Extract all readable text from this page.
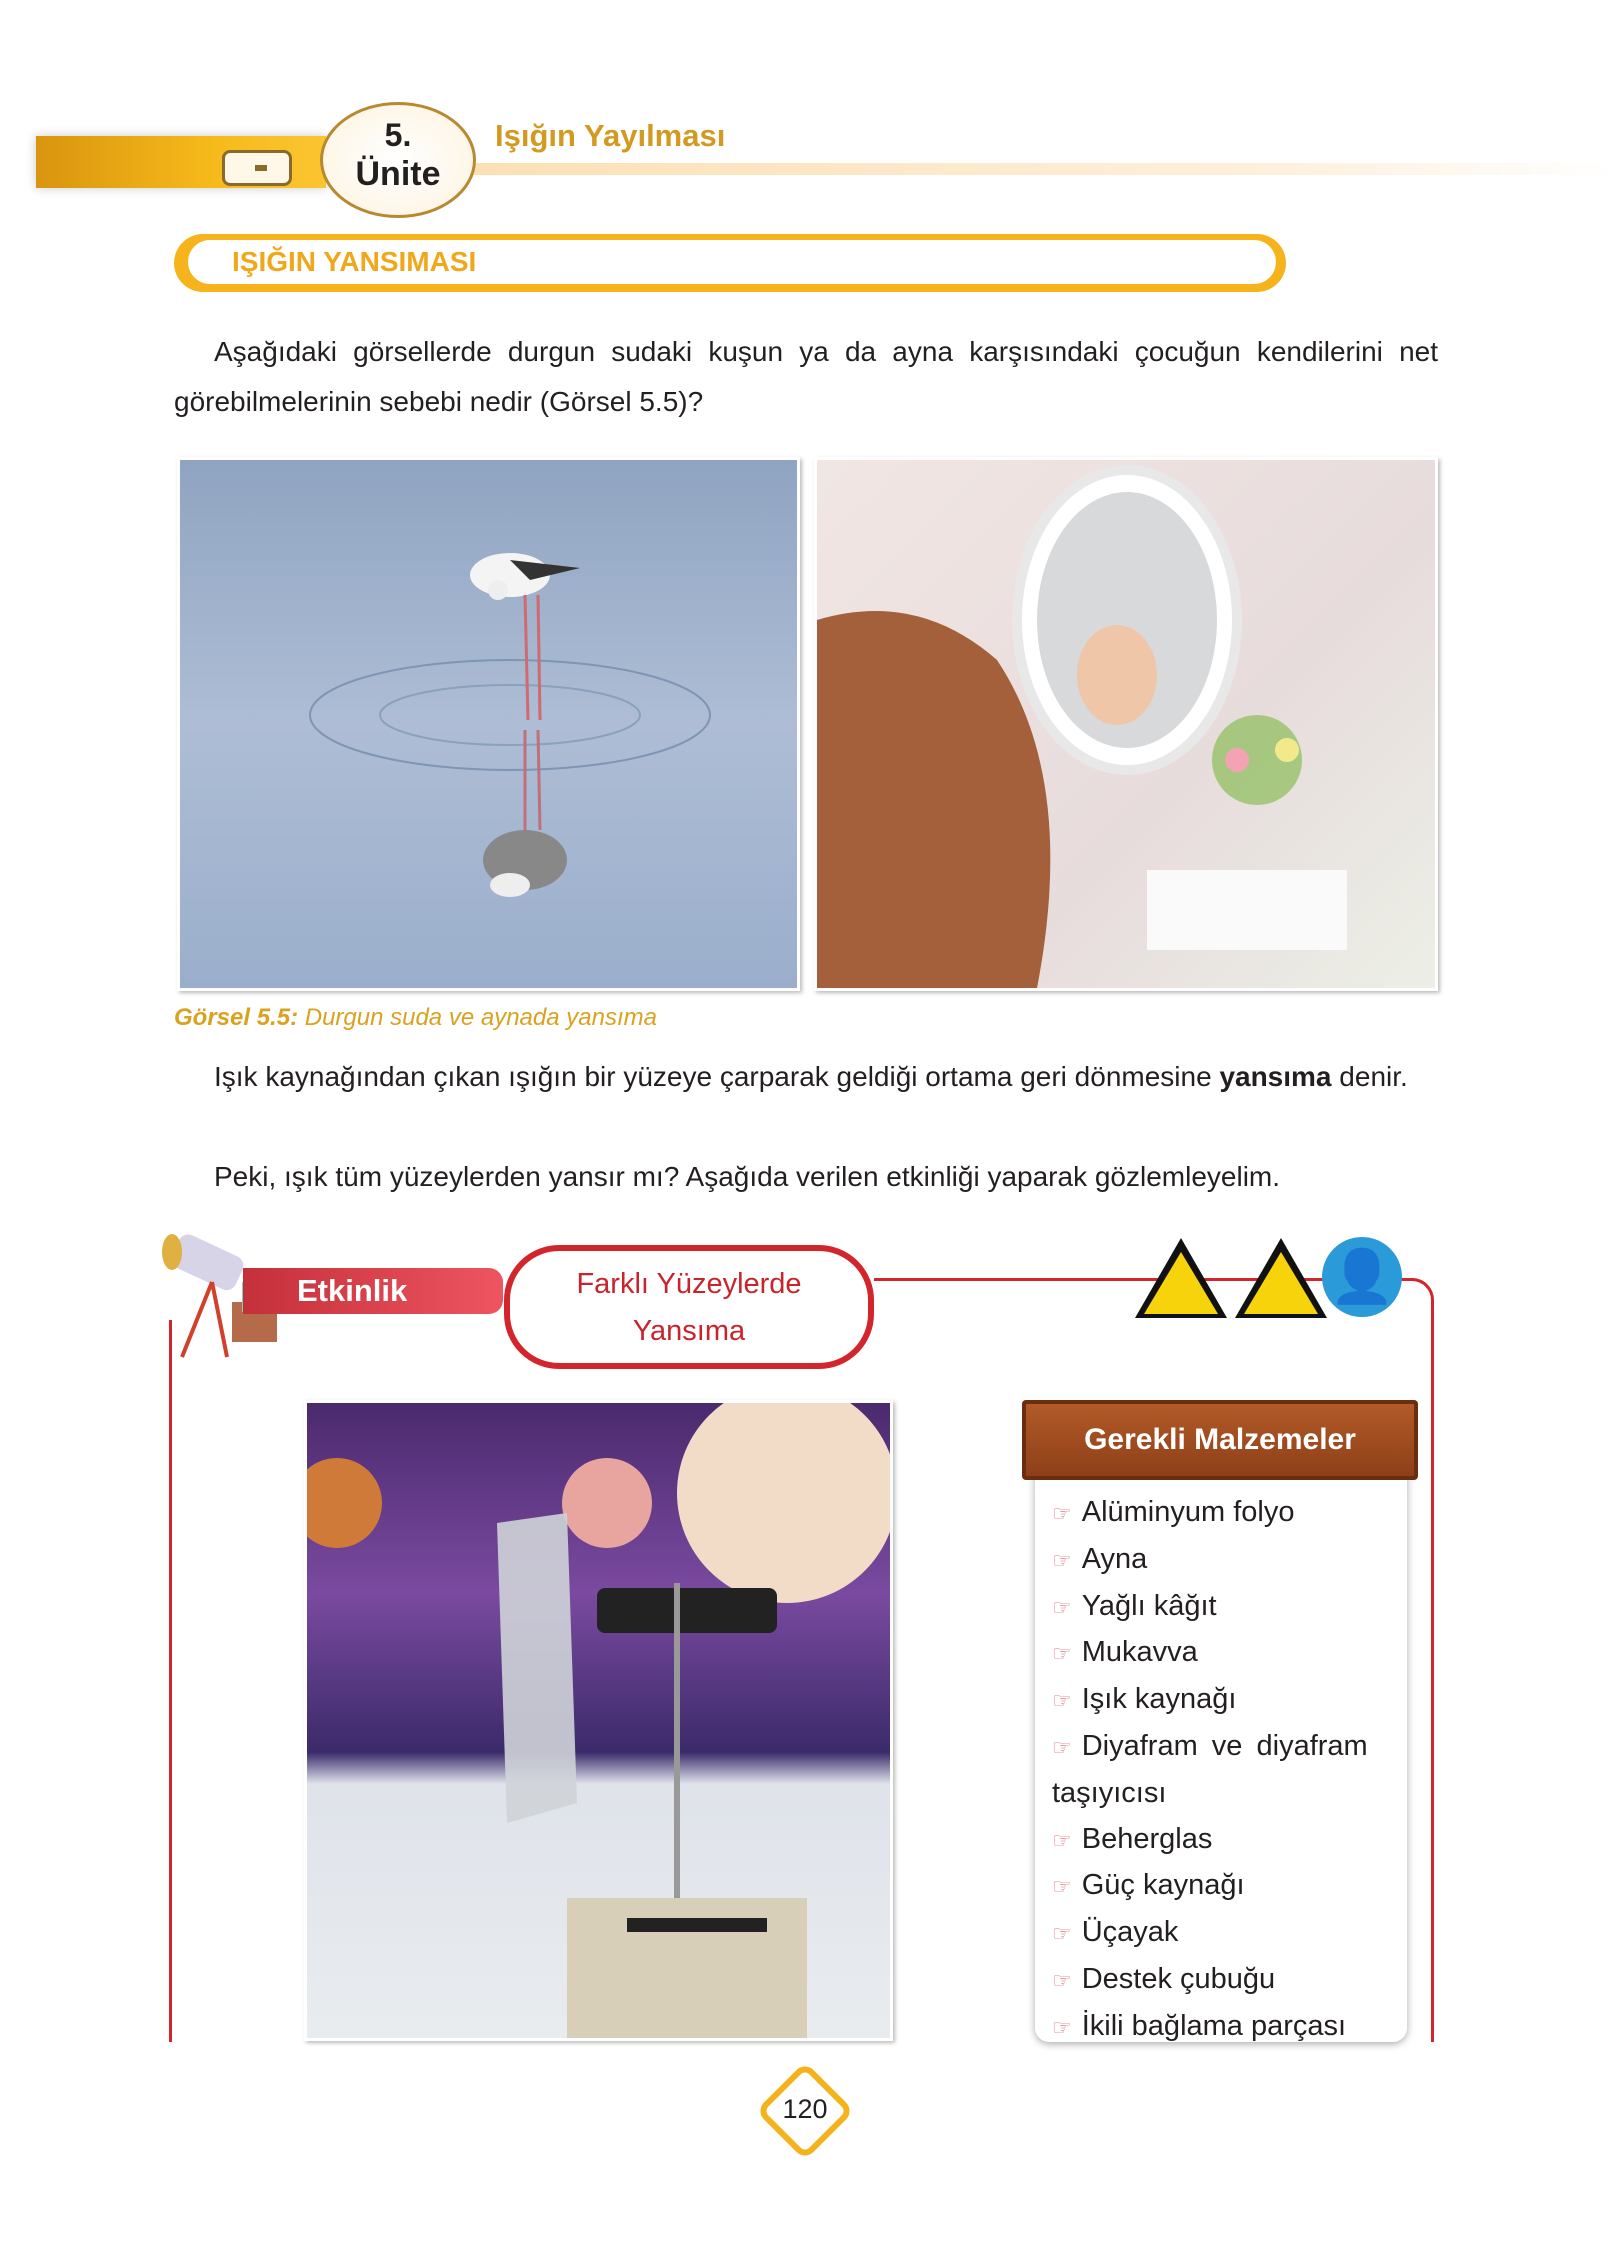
5.
Ünite
Işığın Yayılması
IŞIĞIN YANSIMASI
Aşağıdaki görsellerde durgun sudaki kuşun ya da ayna karşısındaki çocuğun kendilerini net görebilmelerinin sebebi nedir (Görsel 5.5)?
Görsel 5.5: Durgun suda ve aynada yansıma
Işık kaynağından çıkan ışığın bir yüzeye çarparak geldiği ortama geri dönmesine yansıma denir.
Peki, ışık tüm yüzeylerden yansır mı? Aşağıda verilen etkinliği yaparak gözlemleyelim.
Etkinlik	Farklı Yüzeylerde
Yansıma
👤
Gerekli Malzemeler
☞ Alüminyum folyo
☞ Ayna
☞ Yağlı kâğıt
☞ Mukavva
☞ Işık kaynağı
☞ Diyafram ve diyafram taşıyıcısı
☞ Beherglas
☞ Güç kaynağı
☞ Üçayak
☞ Destek çubuğu
☞ İkili bağlama parçası
120
